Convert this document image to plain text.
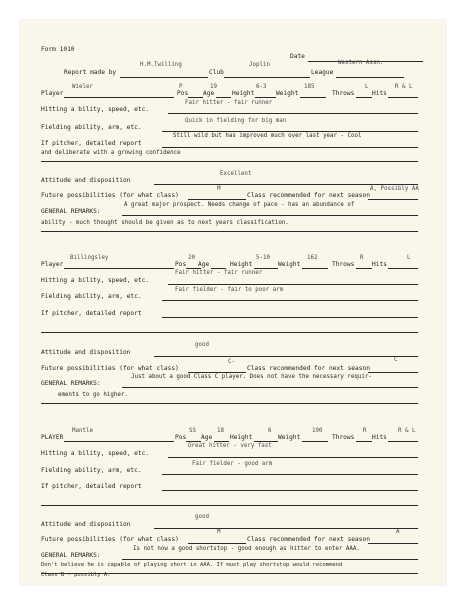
Form 1010
Date
Western Assn.
Report made by
H.M.Twilling
Club
Joplin
League
Player
Wieler
Pos
P
Age
19
Height
6-3
Weight
185
Throws
L
Hits
R & L
Hitting a bility, speed, etc.
Fair hitter - fair runner
Fielding ability, arm, etc.
Quick in fielding for big man
If pitcher, detailed report
Still wild but has improved much over last year - Cool
and deliberate with a growing confidence
Attitude and disposition
Excellent
Future possibilities (for what class)
M
Class recommended for next season
A, Possibly AA
GENERAL REMARKS:
A great major prospect. Needs change of pace - has an abundance of
ability - much thought should be given as to next years classification.
Player
Billingsley
Pos
20
Age	Height
5-10
Weight
162
Throws
R
Hits
L
Hitting a bility, speed, etc.
Fair hitter - fair runner
Fielding ability, arm, etc.
Fair fielder - fair to poor arm
If pitcher, detailed report
Attitude and disposition
good
Future possibilities (for what class)
C-
Class recommended for next season
C
GENERAL REMARKS:
Just about a good Class C player. Does not have the necessary requir-
ements to go higher.
PLAYER
Mantle
Pos
SS
Age
18
Height
6
Weight
190
Throws
R
Hits
R & L
Hitting a bility, speed, etc.
Great hitter - very fast
Fielding ability, arm, etc.
Fair fielder - good arm
If pitcher, detailed report
Attitude and disposition
good
Future possibilities (for what class)
M
Class recommended for next season
A
GENERAL REMARKS:
Is not now a good shortstop - good enough as hitter to enter AAA.
Don't believe he is capable of playing short in AAA. If must play shortstop would recommend
Class B - possibly A.
